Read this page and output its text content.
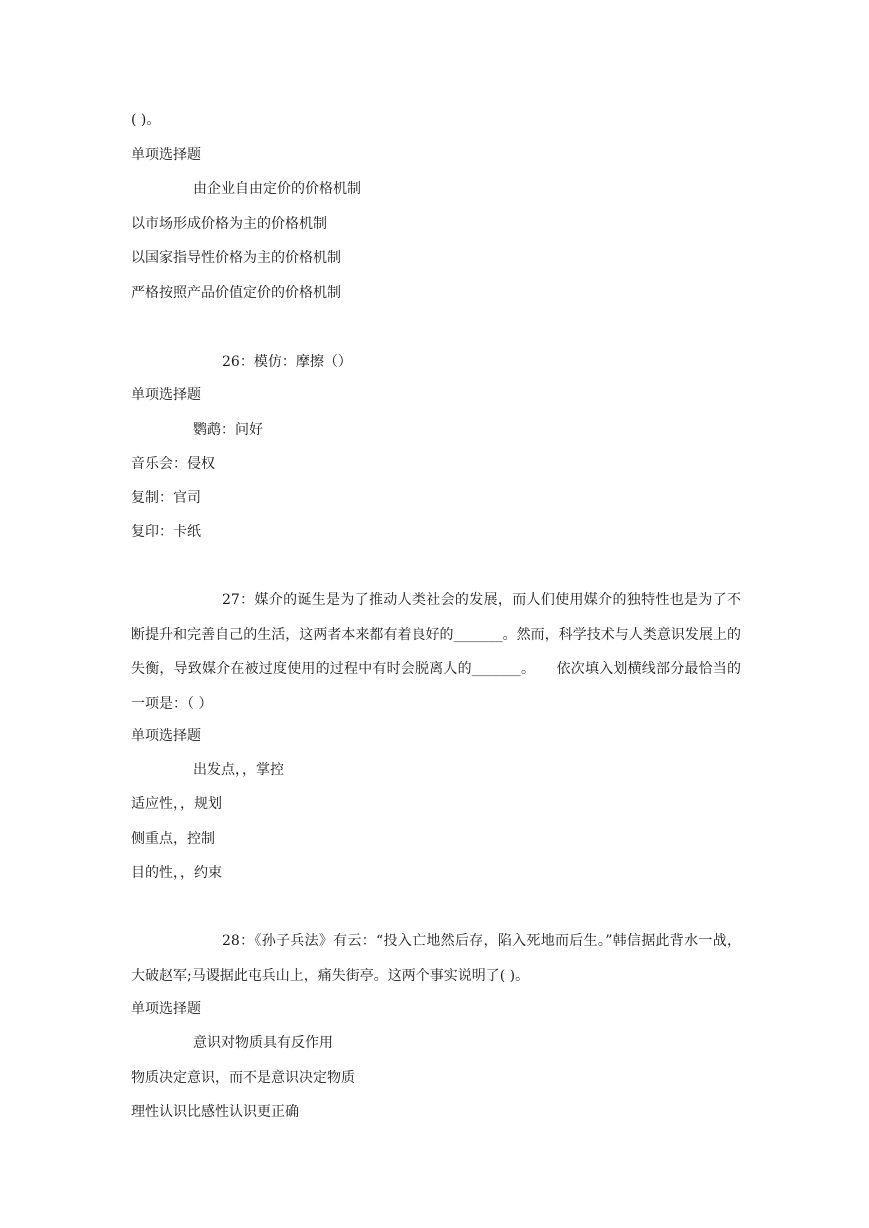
( )。
单项选择题
由企业自由定价的价格机制
以市场形成价格为主的价格机制
以国家指导性价格为主的价格机制
严格按照产品价值定价的价格机制
26：模仿：摩擦（）
单项选择题
鹦鹉：问好
音乐会：侵权
复制：官司
复印：卡纸
27：媒介的诞生是为了推动人类社会的发展，而人们使用媒介的独特性也是为了不断提升和完善自己的生活，这两者本来都有着良好的_______。然而，科学技术与人类意识发展上的失衡，导致媒介在被过度使用的过程中有时会脱离人的_______。　　依次填入划横线部分最恰当的一项是：（ ）
单项选择题
出发点，，掌控
适应性，，规划
侧重点，控制
目的性，，约束
28：《孙子兵法》有云：“投入亡地然后存，陷入死地而后生。”韩信据此背水一战，大破赵军;马谡据此屯兵山上，痛失街亭。这两个事实说明了( )。
单项选择题
意识对物质具有反作用
物质决定意识，而不是意识决定物质
理性认识比感性认识更正确
